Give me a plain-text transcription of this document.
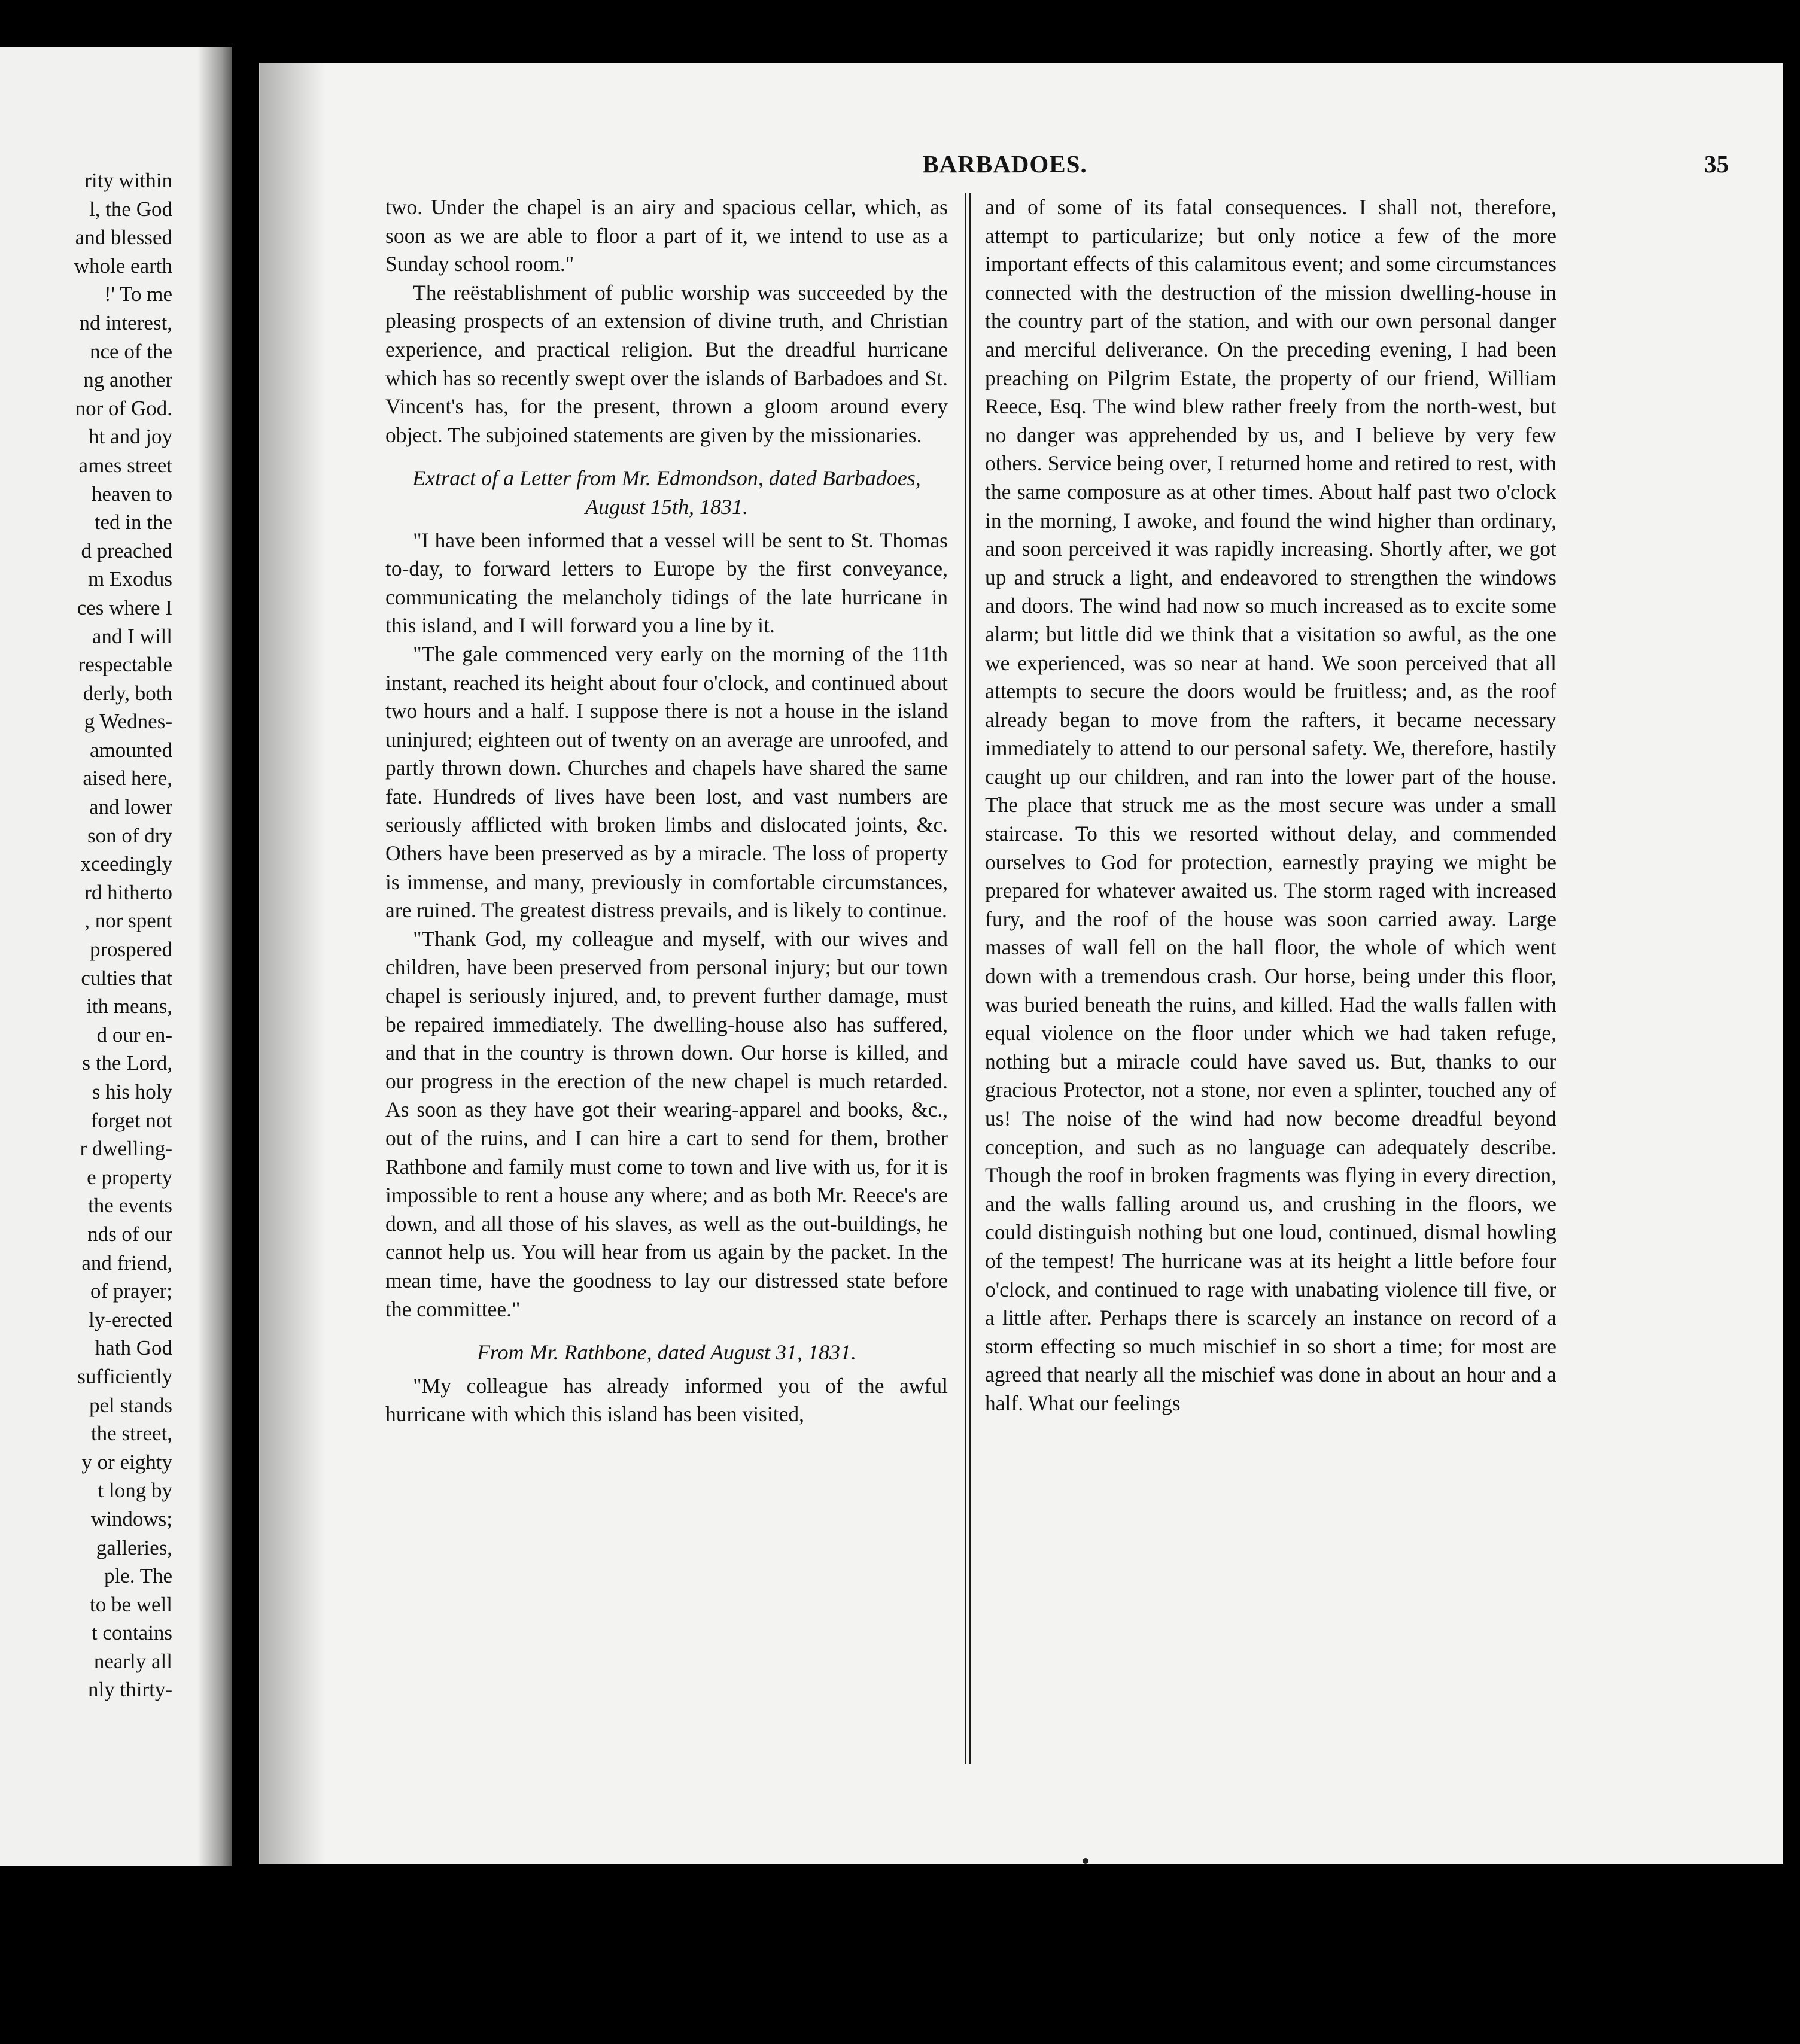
rity within
l, the God
and blessed
whole earth
!' To me
nd interest,
nce of the
ng another
nor of God.
ht and joy
ames street
heaven to
ted in the
d preached
m Exodus
ces where I
and I will
respectable
derly, both
g Wednes-
amounted
aised here,
and lower
son of dry
xceedingly
rd hitherto
, nor spent
prospered
culties that
ith means,
d our en-
s the Lord,
s his holy
forget not
r dwelling-
e property
the events
nds of our
and friend,
of prayer;
ly-erected
hath God
sufficiently
pel stands
the street,
y or eighty
t long by
windows;
galleries,
ple. The
to be well
t contains
nearly all
nly thirty-
BARBADOES.	35

two. Under the chapel is an airy and spacious cellar, which, as soon as we are able to floor a part of it, we intend to use as a Sunday school room."

The reëstablishment of public worship was succeeded by the pleasing prospects of an extension of divine truth, and Christian experience, and practical religion. But the dreadful hurricane which has so recently swept over the islands of Barbadoes and St. Vincent's has, for the present, thrown a gloom around every object. The subjoined statements are given by the missionaries.

Extract of a Letter from Mr. Edmondson, dated Barbadoes, August 15th, 1831.

"I have been informed that a vessel will be sent to St. Thomas to-day, to forward letters to Europe by the first conveyance, communicating the melancholy tidings of the late hurricane in this island, and I will forward you a line by it.

"The gale commenced very early on the morning of the 11th instant, reached its height about four o'clock, and continued about two hours and a half. I suppose there is not a house in the island uninjured; eighteen out of twenty on an average are unroofed, and partly thrown down. Churches and chapels have shared the same fate. Hundreds of lives have been lost, and vast numbers are seriously afflicted with broken limbs and dislocated joints, &c. Others have been preserved as by a miracle. The loss of property is immense, and many, previously in comfortable circumstances, are ruined. The greatest distress prevails, and is likely to continue.

"Thank God, my colleague and myself, with our wives and children, have been preserved from personal injury; but our town chapel is seriously injured, and, to prevent further damage, must be repaired immediately. The dwelling-house also has suffered, and that in the country is thrown down. Our horse is killed, and our progress in the erection of the new chapel is much retarded. As soon as they have got their wearing-apparel and books, &c., out of the ruins, and I can hire a cart to send for them, brother Rathbone and family must come to town and live with us, for it is impossible to rent a house any where; and as both Mr. Reece's are down, and all those of his slaves, as well as the out-buildings, he cannot help us. You will hear from us again by the packet. In the mean time, have the goodness to lay our distressed state before the committee."

From Mr. Rathbone, dated August 31, 1831.

"My colleague has already informed you of the awful hurricane with which this island has been visited,

and of some of its fatal consequences. I shall not, therefore, attempt to particularize; but only notice a few of the more important effects of this calamitous event; and some circumstances connected with the destruction of the mission dwelling-house in the country part of the station, and with our own personal danger and merciful deliverance. On the preceding evening, I had been preaching on Pilgrim Estate, the property of our friend, William Reece, Esq. The wind blew rather freely from the north-west, but no danger was apprehended by us, and I believe by very few others. Service being over, I returned home and retired to rest, with the same composure as at other times. About half past two o'clock in the morning, I awoke, and found the wind higher than ordinary, and soon perceived it was rapidly increasing. Shortly after, we got up and struck a light, and endeavored to strengthen the windows and doors. The wind had now so much increased as to excite some alarm; but little did we think that a visitation so awful, as the one we experienced, was so near at hand. We soon perceived that all attempts to secure the doors would be fruitless; and, as the roof already began to move from the rafters, it became necessary immediately to attend to our personal safety. We, therefore, hastily caught up our children, and ran into the lower part of the house. The place that struck me as the most secure was under a small staircase. To this we resorted without delay, and commended ourselves to God for protection, earnestly praying we might be prepared for whatever awaited us. The storm raged with increased fury, and the roof of the house was soon carried away. Large masses of wall fell on the hall floor, the whole of which went down with a tremendous crash. Our horse, being under this floor, was buried beneath the ruins, and killed. Had the walls fallen with equal violence on the floor under which we had taken refuge, nothing but a miracle could have saved us. But, thanks to our gracious Protector, not a stone, nor even a splinter, touched any of us! The noise of the wind had now become dreadful beyond conception, and such as no language can adequately describe. Though the roof in broken fragments was flying in every direction, and the walls falling around us, and crushing in the floors, we could distinguish nothing but one loud, continued, dismal howling of the tempest! The hurricane was at its height a little before four o'clock, and continued to rage with unabating violence till five, or a little after. Perhaps there is scarcely an instance on record of a storm effecting so much mischief in so short a time; for most are agreed that nearly all the mischief was done in about an hour and a half. What our feelings
